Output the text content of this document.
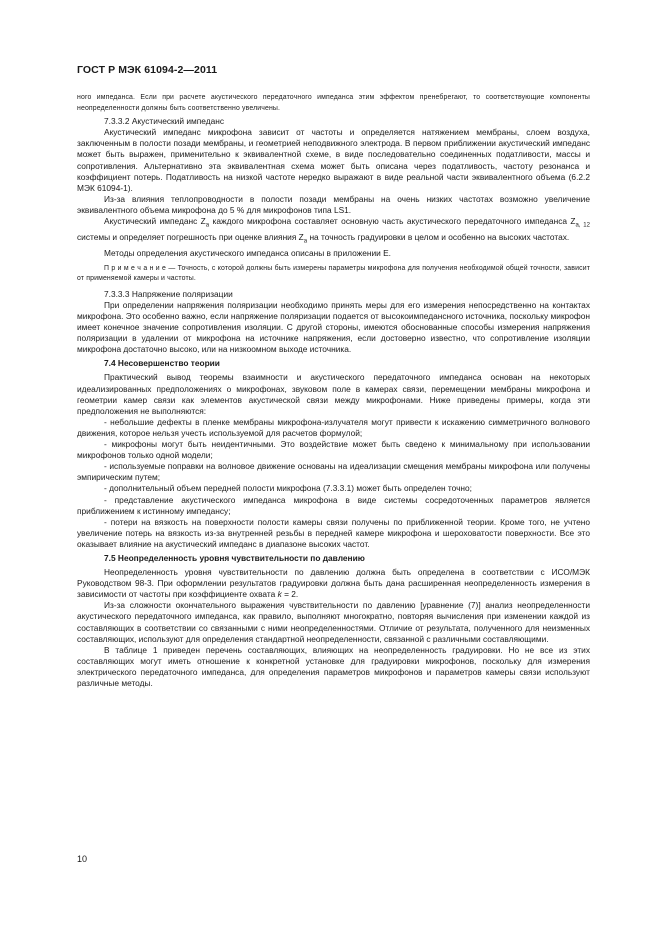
ГОСТ Р МЭК 61094-2—2011

ного импеданса. Если при расчете акустического передаточного импеданса этим эффектом пренебрегают, то соответствующие компоненты неопределенности должны быть соответственно увеличены.

7.3.3.2 Акустический импеданс

Акустический импеданс микрофона зависит от частоты и определяется натяжением мембраны, слоем воздуха, заключенным в полости позади мембраны, и геометрией неподвижного электрода. В первом приближении акустический импеданс может быть выражен, применительно к эквивалентной схеме, в виде последовательно соединенных податливости, массы и сопротивления. Альтернативно эта эквивалентная схема может быть описана через податливость, частоту резонанса и коэффициент потерь. Податливость на низкой частоте нередко выражают в виде реальной части эквивалентного объема (6.2.2 МЭК 61094-1).

Из-за влияния теплопроводности в полости позади мембраны на очень низких частотах возможно увеличение эквивалентного объема микрофона до 5 % для микрофонов типа LS1.

Акустический импеданс $Z_a$ каждого микрофона составляет основную часть акустического передаточного импеданса $Z_{a, 12}$ системы и определяет погрешность при оценке влияния $Z_a$ на точность градуировки в целом и особенно на высоких частотах.

Методы определения акустического импеданса описаны в приложении Е.

П р и м е ч а н и е — Точность, с которой должны быть измерены параметры микрофона для получения необходимой общей точности, зависит от применяемой камеры и частоты.

7.3.3.3 Напряжение поляризации

При определении напряжения поляризации необходимо принять меры для его измерения непосредственно на контактах микрофона. Это особенно важно, если напряжение поляризации подается от высокоимпедансного источника, поскольку микрофон имеет конечное значение сопротивления изоляции. С другой стороны, имеются обоснованные способы измерения напряжения поляризации в удалении от микрофона на источнике напряжения, если достоверно известно, что сопротивление изоляции микрофона достаточно высоко, или на низкоомном выходе источника.

7.4 Несовершенство теории

Практический вывод теоремы взаимности и акустического передаточного импеданса основан на некоторых идеализированных предположениях о микрофонах, звуковом поле в камерах связи, перемещении мембраны микрофона и геометрии камер связи как элементов акустической связи между микрофонами. Ниже приведены примеры, когда эти предположения не выполняются:

- небольшие дефекты в пленке мембраны микрофона-излучателя могут привести к искажению симметричного волнового движения, которое нельзя учесть используемой для расчетов формулой;

- микрофоны могут быть неидентичными. Это воздействие может быть сведено к минимальному при использовании микрофонов только одной модели;

- используемые поправки на волновое движение основаны на идеализации смещения мембраны микрофона или получены эмпирическим путем;

- дополнительный объем передней полости микрофона (7.3.3.1) может быть определен точно;

- представление акустического импеданса микрофона в виде системы сосредоточенных параметров является приближением к истинному импедансу;

- потери на вязкость на поверхности полости камеры связи получены по приближенной теории. Кроме того, не учтено увеличение потерь на вязкость из-за внутренней резьбы в передней камере микрофона и шероховатости поверхности. Все это оказывает влияние на акустический импеданс в диапазоне высоких частот.

7.5 Неопределенность уровня чувствительности по давлению

Неопределенность уровня чувствительности по давлению должна быть определена в соответствии с ИСО/МЭК Руководством 98-3. При оформлении результатов градуировки должна быть дана расширенная неопределенность измерения в зависимости от частоты при коэффициенте охвата k = 2.

Из-за сложности окончательного выражения чувствительности по давлению [уравнение (7)] анализ неопределенности акустического передаточного импеданса, как правило, выполняют многократно, повторяя вычисления при изменении каждой из составляющих в соответствии со связанными с ними неопределенностями. Отличие от результата, полученного для неизменных составляющих, используют для определения стандартной неопределенности, связанной с различными составляющими.

В таблице 1 приведен перечень составляющих, влияющих на неопределенность градуировки. Но не все из этих составляющих могут иметь отношение к конкретной установке для градуировки микрофонов, поскольку для измерения электрического передаточного импеданса, для определения параметров микрофонов и параметров камеры связи используют различные методы.

10
